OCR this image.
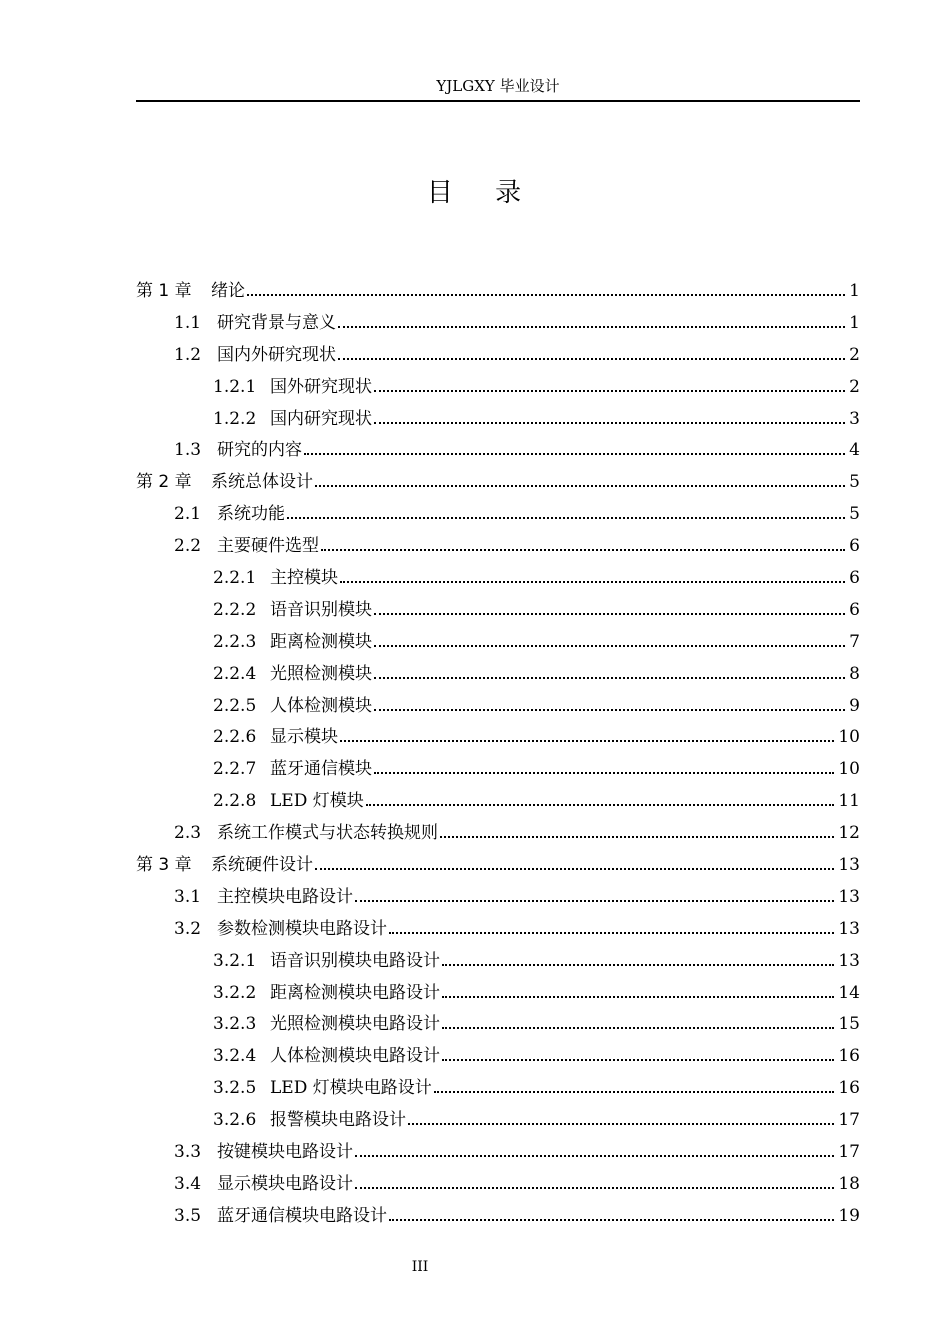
YJLGXY 毕业设计
目 录
第 1 章	绪论	1
1.1 研究背景与意义	1
1.2 国内外研究现状	2
1.2.1 国外研究现状	2
1.2.2 国内研究现状	3
1.3 研究的内容	4
第 2 章	系统总体设计	5
2.1 系统功能	5
2.2 主要硬件选型	6
2.2.1 主控模块	6
2.2.2 语音识别模块	6
2.2.3 距离检测模块	7
2.2.4 光照检测模块	8
2.2.5 人体检测模块	9
2.2.6 显示模块	10
2.2.7 蓝牙通信模块	10
2.2.8 LED 灯模块	11
2.3 系统工作模式与状态转换规则	12
第 3 章	系统硬件设计	13
3.1 主控模块电路设计	13
3.2 参数检测模块电路设计	13
3.2.1 语音识别模块电路设计	13
3.2.2 距离检测模块电路设计	14
3.2.3 光照检测模块电路设计	15
3.2.4 人体检测模块电路设计	16
3.2.5 LED 灯模块电路设计	16
3.2.6 报警模块电路设计	17
3.3 按键模块电路设计	17
3.4 显示模块电路设计	18
3.5 蓝牙通信模块电路设计	19
III
